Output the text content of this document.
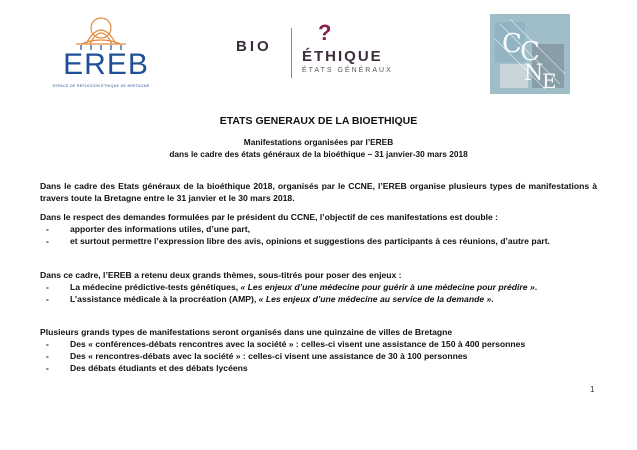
EREB
ESPACE DE RÉFLEXION ÉTHIQUE DE BRETAGNE
BIO
?
ÉTHIQUE
ÉTATS GÉNÉRAUX
C
C
N
E
ETATS GENERAUX DE LA BIOETHIQUE
Manifestations organisées par l’EREB
dans le cadre des états généraux de la bioéthique – 31 janvier-30 mars 2018
Dans le cadre des Etats généraux de la bioéthique 2018, organisés par le CCNE, l’EREB organise plusieurs types de manifestations à travers toute la Bretagne entre le 31 janvier et le 30 mars 2018.
Dans le respect des demandes formulées par le président du CCNE, l’objectif de ces manifestations est double :
- apporter des informations utiles, d’une part,
- et surtout permettre l’expression libre des avis, opinions et suggestions des participants à ces réunions, d’autre part.
Dans ce cadre, l’EREB a retenu deux grands thèmes, sous-titrés pour poser des enjeux :
- La médecine prédictive-tests génétiques, « Les enjeux d’une médecine pour guérir à une médecine pour prédire ».
- L’assistance médicale à la procréation (AMP), « Les enjeux d’une médecine au service de la demande ».
Plusieurs grands types de manifestations seront organisés dans une quinzaine de villes de Bretagne
- Des « conférences-débats rencontres avec la société » : celles-ci visent une assistance de 150 à 400 personnes
- Des « rencontres-débats avec la société » : celles-ci visent une assistance de 30 à 100 personnes
- Des débats étudiants et des débats lycéens
1
